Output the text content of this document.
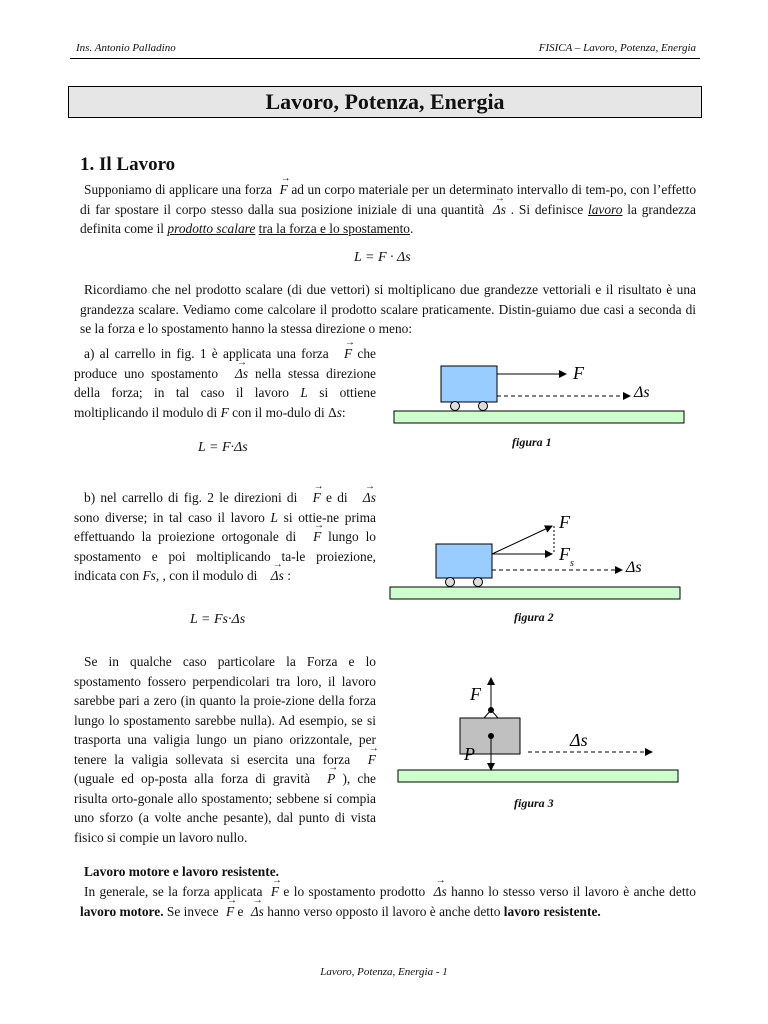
Ins. Antonio Palladino	FISICA – Lavoro, Potenza, Energia
Lavoro, Potenza, Energia
1. Il Lavoro
Supponiamo di applicare una forza → F ad un corpo materiale per un determinato intervallo di tem-po, con l’effetto di far spostare il corpo stesso dalla sua posizione iniziale di una quantità → Δs . Si definisce lavoro la grandezza definita come il prodotto scalare tra la forza e lo spostamento.
L = F · Δs
Ricordiamo che nel prodotto scalare (di due vettori) si moltiplicano due grandezze vettoriali e il risultato è una grandezza scalare. Vediamo come calcolare il prodotto scalare praticamente. Distin-guiamo due casi a seconda di se la forza e lo spostamento hanno la stessa direzione o meno:
a) al carrello in fig. 1 è applicata una forza → F che produce uno spostamento → Δs nella stessa direzione della forza; in tal caso il lavoro L si ottiene moltiplicando il modulo di F con il mo-dulo di Δs:
L = F·Δs
b) nel carrello di fig. 2 le direzioni di → F e di → Δs sono diverse; in tal caso il lavoro L si ottie-ne prima effettuando la proiezione ortogonale di → F lungo lo spostamento e poi moltiplicando ta-le proiezione, indicata con Fs, , con il modulo di → Δs :
L = Fs·Δs
Se in qualche caso particolare la Forza e lo spostamento fossero perpendicolari tra loro, il lavoro sarebbe pari a zero (in quanto la proie-zione della forza lungo lo spostamento sarebbe nulla). Ad esempio, se si trasporta una valigia lungo un piano orizzontale, per tenere la valigia sollevata si esercita una forza → F (uguale ed op-posta alla forza di gravità → P ), che risulta orto-gonale allo spostamento; sebbene si compia uno sforzo (a volte anche pesante), dal punto di vista fisico si compie un lavoro nullo.
Lavoro motore e lavoro resistente.
In generale, se la forza applicata → F e lo spostamento prodotto → Δs hanno lo stesso verso il lavoro è anche detto lavoro motore. Se invece → F e → Δs hanno verso opposto il lavoro è anche detto lavoro resistente.
F
Δs
figura 1
F
F s	Δs
figura 2
F
P
Δs
figura 3
Lavoro, Potenza, Energia - 1
